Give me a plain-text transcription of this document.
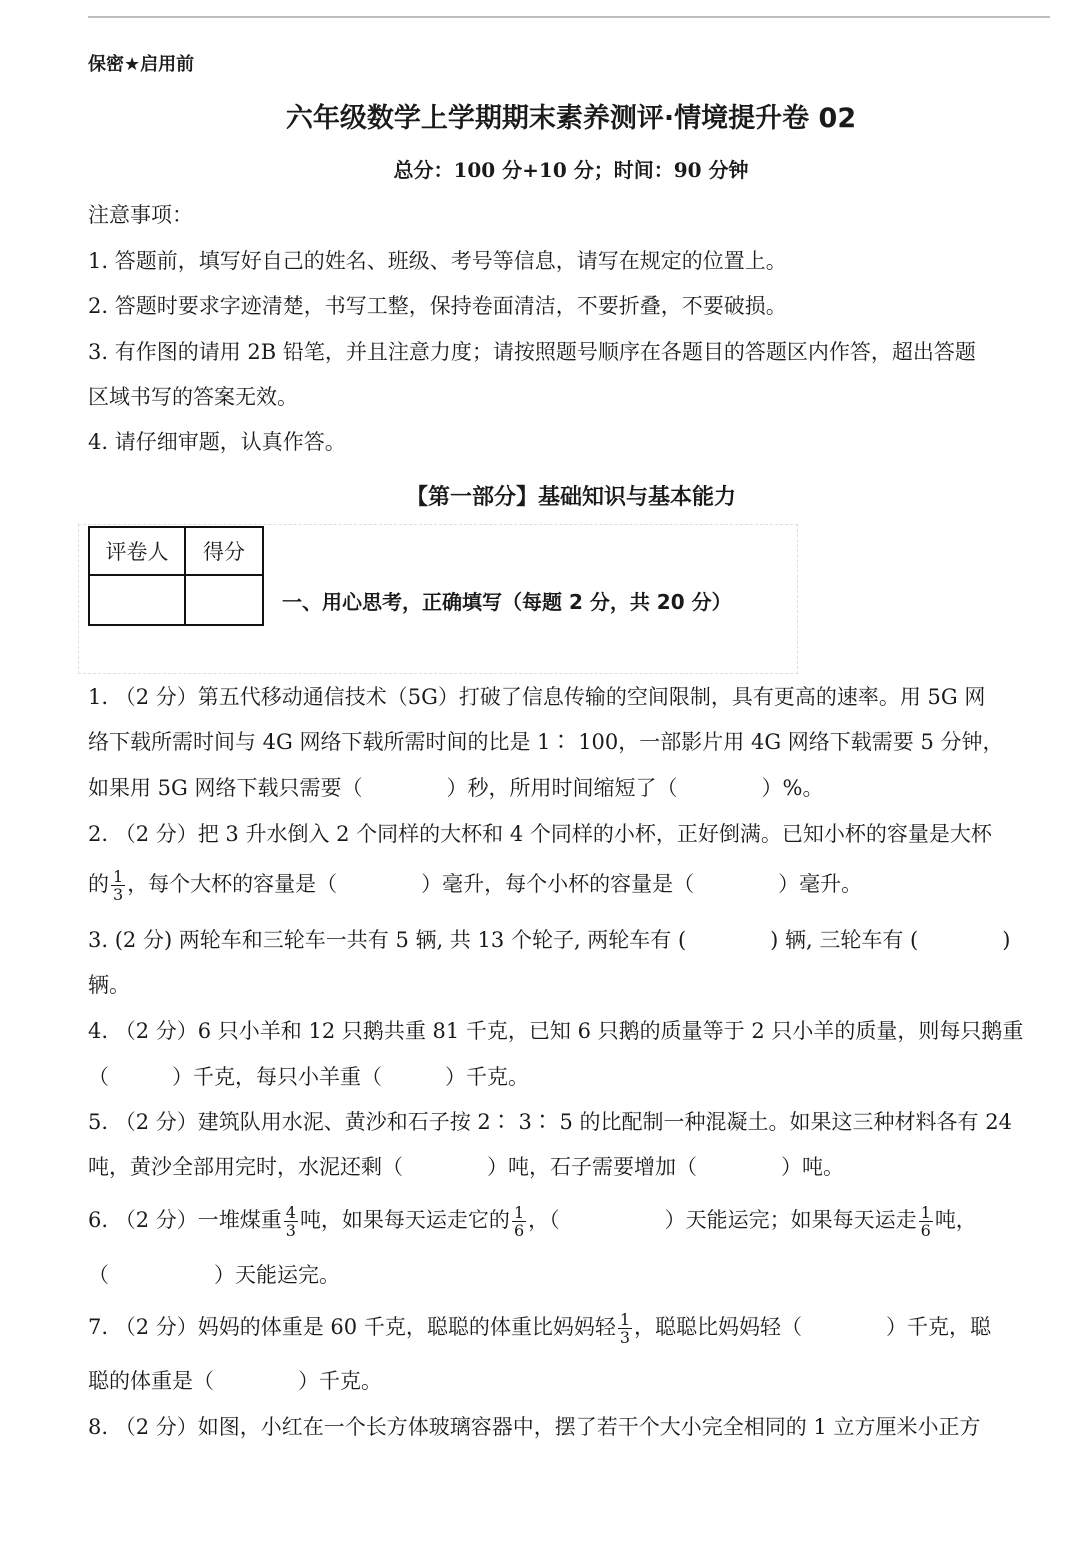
保密★启用前
六年级数学上学期期末素养测评·情境提升卷 02
总分：100 分+10 分；时间：90 分钟
注意事项：
1. 答题前，填写好自己的姓名、班级、考号等信息，请写在规定的位置上。
2. 答题时要求字迹清楚，书写工整，保持卷面清洁，不要折叠，不要破损。
3. 有作图的请用 2B 铅笔，并且注意力度；请按照题号顺序在各题目的答题区内作答，超出答题
区域书写的答案无效。
4. 请仔细审题，认真作答。
【第一部分】基础知识与基本能力
评卷人	得分

一、用心思考，正确填写（每题 2 分，共 20 分）
1. （2 分）第五代移动通信技术（5G）打破了信息传输的空间限制，具有更高的速率。用 5G 网
络下载所需时间与 4G 网络下载所需时间的比是 1∶ 100，一部影片用 4G 网络下载需要 5 分钟，
如果用 5G 网络下载只需要（　　　　）秒，所用时间缩短了（　　　　）%。
2. （2 分）把 3 升水倒入 2 个同样的大杯和 4 个同样的小杯，正好倒满。已知小杯的容量是大杯
的 $\frac{1}{3}$ ，每个大杯的容量是（　　　　）毫升，每个小杯的容量是（　　　　）毫升。
3. (2 分) 两轮车和三轮车一共有 5 辆, 共 13 个轮子, 两轮车有 (　　　　) 辆, 三轮车有 (　　　　)
辆。
4. （2 分）6 只小羊和 12 只鹅共重 81 千克，已知 6 只鹅的质量等于 2 只小羊的质量，则每只鹅重
（　　　）千克，每只小羊重（　　　）千克。
5. （2 分）建筑队用水泥、黄沙和石子按 2∶ 3∶ 5 的比配制一种混凝土。如果这三种材料各有 24
吨，黄沙全部用完时，水泥还剩（　　　　）吨，石子需要增加（　　　　）吨。
6. （2 分）一堆煤重 $\frac{4}{3}$ 吨，如果每天运走它的 $\frac{1}{6}$ ，（　　　　　）天能运完；如果每天运走 $\frac{1}{6}$ 吨，
（　　　　　）天能运完。
7. （2 分）妈妈的体重是 60 千克，聪聪的体重比妈妈轻 $\frac{1}{3}$ ，聪聪比妈妈轻（　　　　）千克，聪
聪的体重是（　　　　）千克。
8. （2 分）如图，小红在一个长方体玻璃容器中，摆了若干个大小完全相同的 1 立方厘米小正方
